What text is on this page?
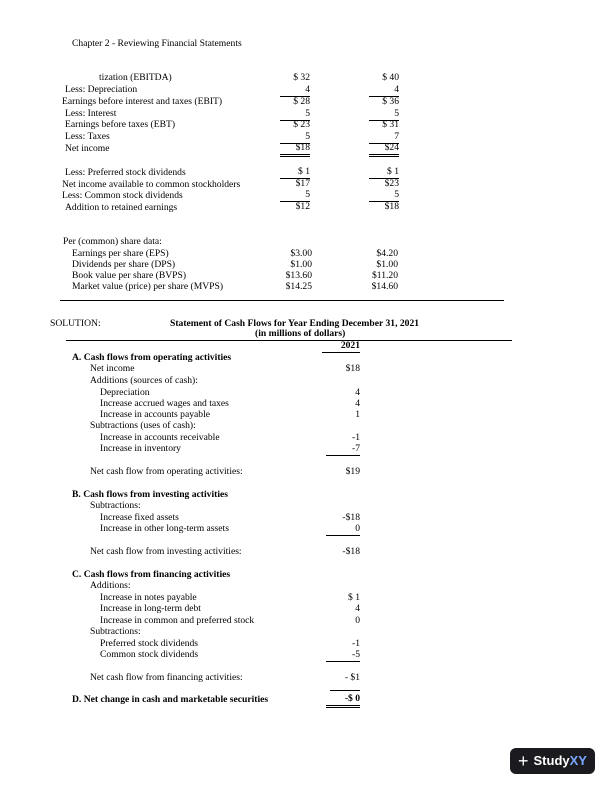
Chapter 2 - Reviewing Financial Statements
tization (EBITDA)	$ 32	$ 40
Less: Depreciation	4	4
Earnings before interest and taxes (EBIT)	$ 28	$ 36
Less: Interest	5	5
Earnings before taxes (EBT)	$ 23	$ 31
Less: Taxes	5	7
Net income	$18	$24
Less: Preferred stock dividends	$ 1	$ 1
Net income available to common stockholders	$17	$23
Less: Common stock dividends	5	5
Addition to retained earnings	$12	$18
Per (common) share data:
Earnings per share (EPS)	$3.00	$4.20
Dividends per share (DPS)	$1.00	$1.00
Book value per share (BVPS)	$13.60	$11.20
Market value (price) per share (MVPS)	$14.25	$14.60
SOLUTION:	Statement of Cash Flows for Year Ending December 31, 2021
(in millions of dollars)
2021
A. Cash flows from operating activities
Net income	$18
Additions (sources of cash):
Depreciation	4
Increase accrued wages and taxes	4
Increase in accounts payable	1
Subtractions (uses of cash):
Increase in accounts receivable	-1
Increase in inventory	-7
Net cash flow from operating activities:	$19
B. Cash flows from investing activities
Subtractions:
Increase fixed assets	-$18
Increase in other long-term assets	0
Net cash flow from investing activities:	-$18
C. Cash flows from financing activities
Additions:
Increase in notes payable	$ 1
Increase in long-term debt	4
Increase in common and preferred stock	0
Subtractions:
Preferred stock dividends	-1
Common stock dividends	-5
Net cash flow from financing activities:	- $1
D. Net change in cash and marketable securities	-$ 0
+ StudyXY
